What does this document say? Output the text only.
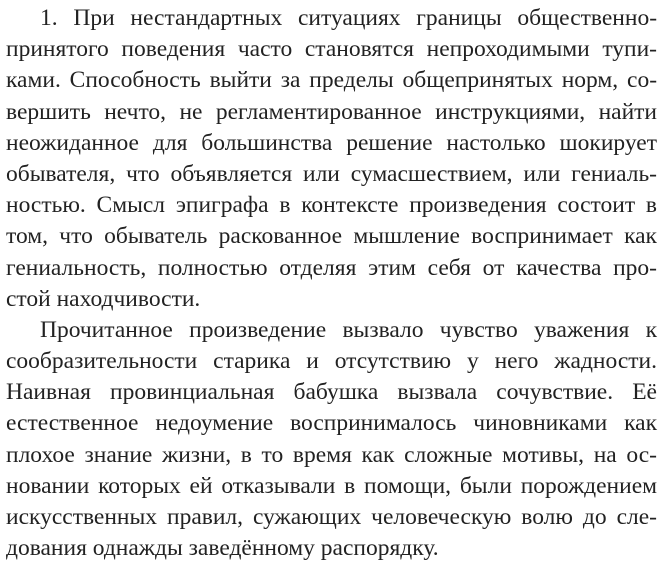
1. При нестандартных ситуациях границы общественно-
принятого поведения часто становятся непроходимыми тупи-
ками. Способность выйти за пределы общепринятых норм, со-
вершить нечто, не регламентированное инструкциями, найти
неожиданное для большинства решение настолько шокирует
обывателя, что объявляется или сумасшествием, или гениаль-
ностью. Смысл эпиграфа в контексте произведения состоит в
том, что обыватель раскованное мышление воспринимает как
гениальность, полностью отделяя этим себя от качества про-
стой находчивости.

Прочитанное произведение вызвало чувство уважения к
сообразительности старика и отсутствию у него жадности.
Наивная провинциальная бабушка вызвала сочувствие. Её
естественное недоумение воспринималось чиновниками как
плохое знание жизни, в то время как сложные мотивы, на ос-
новании которых ей отказывали в помощи, были порождением
искусственных правил, сужающих человеческую волю до сле-
дования однажды заведённому распорядку.
